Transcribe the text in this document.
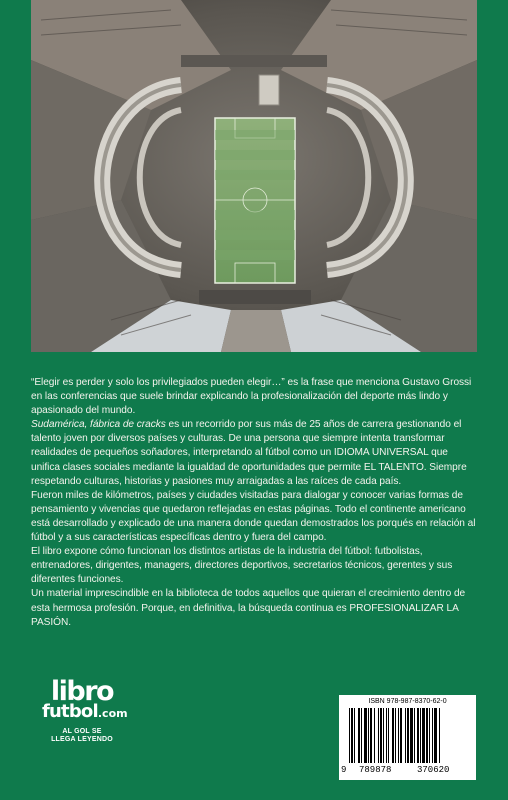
“Elegir es perder y solo los privilegiados pueden elegir…” es la frase que menciona Gustavo Grossi en las conferencias que suele brindar explicando la profesionalización del deporte más lindo y apasionado del mundo.

Sudamérica, fábrica de cracks es un recorrido por sus más de 25 años de carrera gestionando el talento joven por diversos países y culturas. De una persona que siempre intenta transformar realidades de pequeños soñadores, interpretando al fútbol como un IDIOMA UNIVERSAL que unifica clases sociales mediante la igualdad de oportunidades que permite EL TALENTO. Siempre respetando culturas, historias y pasiones muy arraigadas a las raíces de cada país.

Fueron miles de kilómetros, países y ciudades visitadas para dialogar y conocer varias formas de pensamiento y vivencias que quedaron reflejadas en estas páginas. Todo el continente americano está desarrollado y explicado de una manera donde quedan demostrados los porqués en relación al fútbol y a sus características específicas dentro y fuera del campo.

El libro expone cómo funcionan los distintos artistas de la industria del fútbol: futbolistas, entrenadores, dirigentes, managers, directores deportivos, secretarios técnicos, gerentes y sus diferentes funciones.

Un material imprescindible en la biblioteca de todos aquellos que quieran el crecimiento dentro de esta hermosa profesión. Porque, en definitiva, la búsqueda continua es PROFESIONALIZAR LA PASIÓN.

libro
futbol.com
AL GOL SE
LLEGA LEYENDO
ISBN 978-987-8370-62-0
9 789878	370620
